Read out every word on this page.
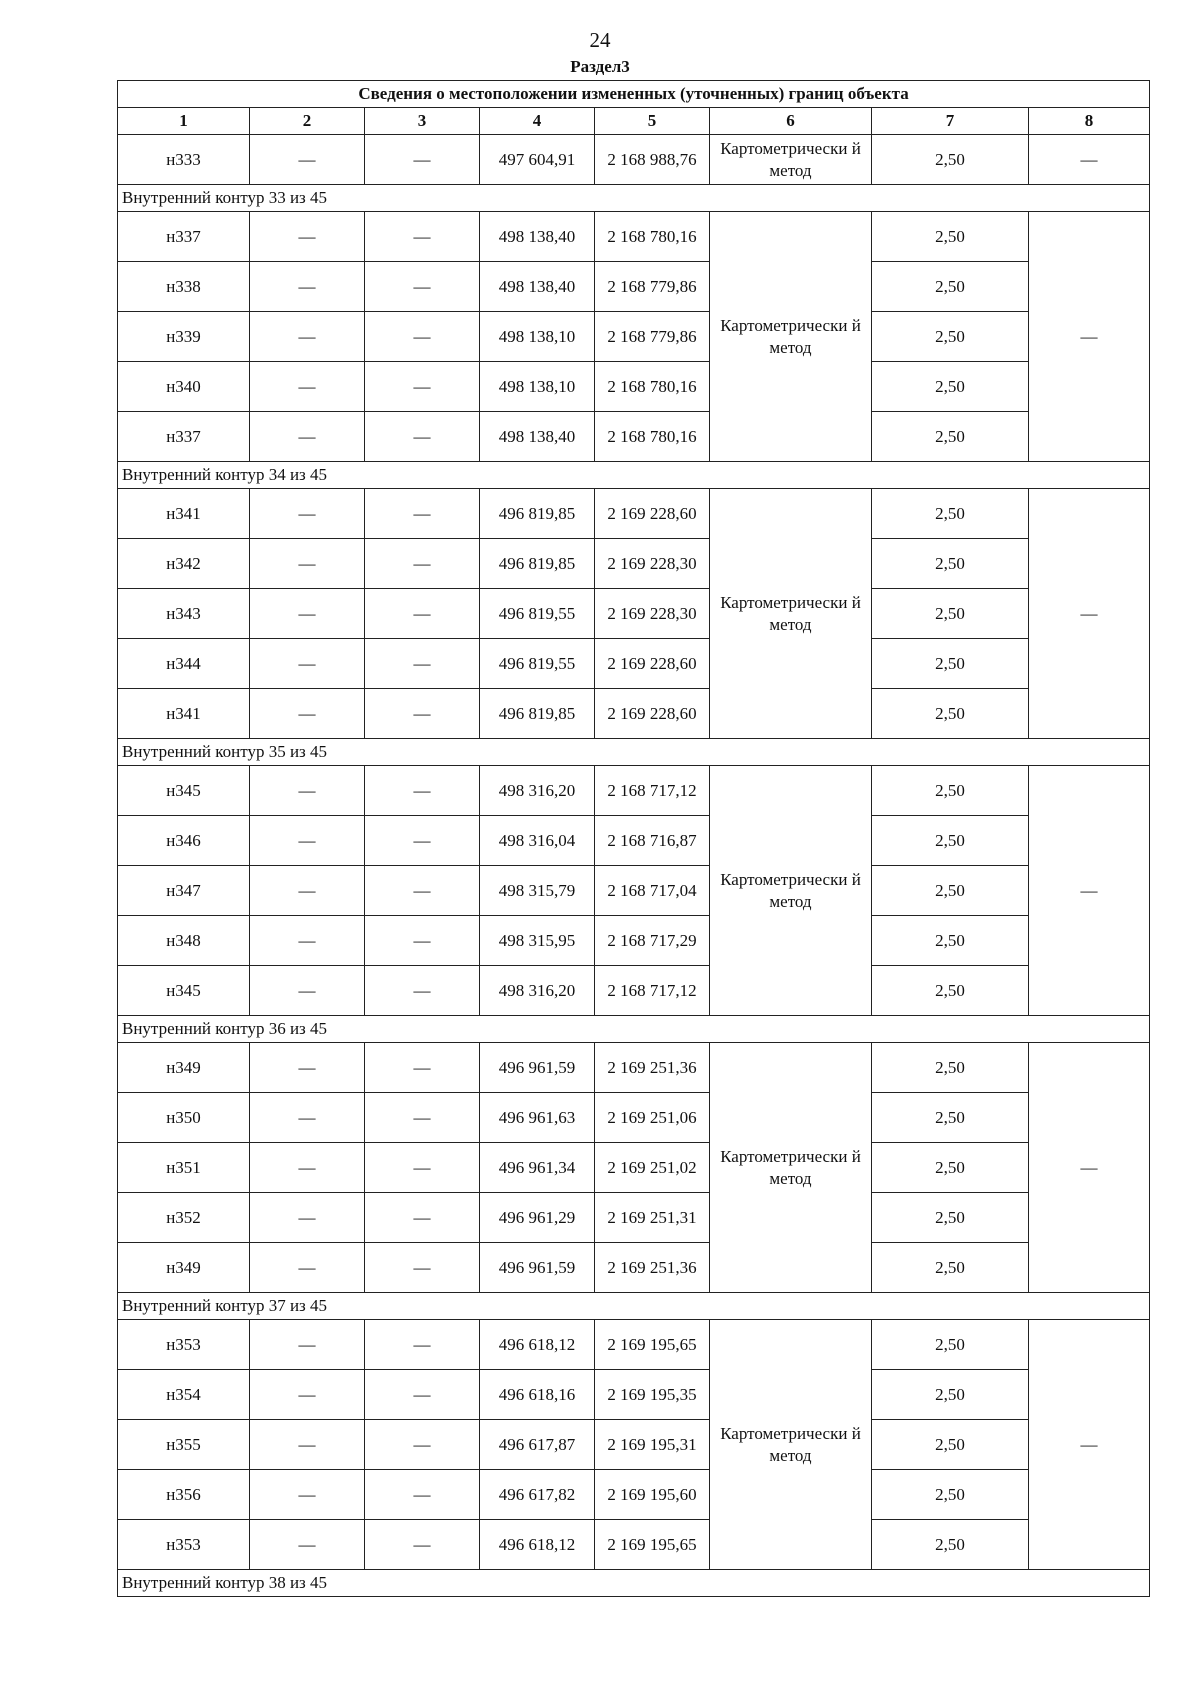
24
Раздел3
Сведения о местоположении измененных (уточненных) границ объекта							
1	2	3	4	5	6	7	8
н333	—	—	497 604,91	2 168 988,76	Картометрически й метод	2,50	—
Внутренний контур 33 из 45							
н337	—	—	498 138,40	2 168 780,16	Картометрически й метод	2,50	—
н338	—	—	498 138,40	2 168 779,86		2,50	
н339	—	—	498 138,10	2 168 779,86		2,50	
н340	—	—	498 138,10	2 168 780,16		2,50	
н337	—	—	498 138,40	2 168 780,16		2,50	
Внутренний контур 34 из 45							
н341	—	—	496 819,85	2 169 228,60	Картометрически й метод	2,50	—
н342	—	—	496 819,85	2 169 228,30		2,50	
н343	—	—	496 819,55	2 169 228,30		2,50	
н344	—	—	496 819,55	2 169 228,60		2,50	
н341	—	—	496 819,85	2 169 228,60		2,50	
Внутренний контур 35 из 45							
н345	—	—	498 316,20	2 168 717,12	Картометрически й метод	2,50	—
н346	—	—	498 316,04	2 168 716,87		2,50	
н347	—	—	498 315,79	2 168 717,04		2,50	
н348	—	—	498 315,95	2 168 717,29		2,50	
н345	—	—	498 316,20	2 168 717,12		2,50	
Внутренний контур 36 из 45							
н349	—	—	496 961,59	2 169 251,36	Картометрически й метод	2,50	—
н350	—	—	496 961,63	2 169 251,06		2,50	
н351	—	—	496 961,34	2 169 251,02		2,50	
н352	—	—	496 961,29	2 169 251,31		2,50	
н349	—	—	496 961,59	2 169 251,36		2,50	
Внутренний контур 37 из 45							
н353	—	—	496 618,12	2 169 195,65	Картометрически й метод	2,50	—
н354	—	—	496 618,16	2 169 195,35		2,50	
н355	—	—	496 617,87	2 169 195,31		2,50	
н356	—	—	496 617,82	2 169 195,60		2,50	
н353	—	—	496 618,12	2 169 195,65		2,50	
Внутренний контур 38 из 45							
